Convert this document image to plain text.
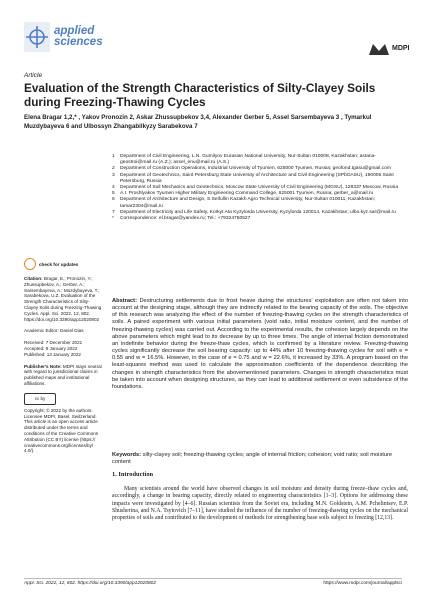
applied
sciences
MDPI
Article
Evaluation of the Strength Characteristics of Silty-Clayey Soils during Freezing-Thawing Cycles
Elena Bragar 1,2,* , Yakov Pronozin 2, Askar Zhussupbekov 3,4, Alexander Gerber 5, Assel Sarsembayeva 3 , Tymarkul Muzdybayeva 6 and Ulbossyn Zhangabilkyzy Sarabekova 7
1	Department of Civil Engineering, L.N. Gumilyov Eurasian National University, Nur-Sultan 010008, Kazakhstan; astana-geostroi@mail.ru (A.Z.); assel_enu@mail.ru (A.S.)
2	Department of Construction Operations, Industrial University of Tyumen, 625000 Tyumen, Russia; geofond.tgasu@gmail.com
3	Department of Geotechnics, Saint Petersburg State University of Architecture and Civil Engineering (SPbGASU), 190005 Saint Petersburg, Russia
4	Department of Soil Mechanics and Geotechnics, Moscow State University of Civil Engineering (MGSU), 129337 Moscow, Russia
5	A.I. Proshlyakov Tyumen Higher Military Engineering Command College, 625001 Tyumen, Russia; gerber_a@mail.ru
6	Department of Architecture and Design, S.Seifullin Kazakh Agro Technical University, Nur-Sultan 010011, Kazakhstan; tamar2304@mail.ru
7	Department of Electricity and Life Safety, Korkyt Ata Kyzylorda University, Kyzylorda 120014, Kazakhstan; ulbo.kyz.sar@mail.ru
*	Correspondence: el.bragar@yandex.ru; Tel.: +79324750527
check for updates
Citation: Bragar, E.; Pronozin, Y.; Zhussupbekov, A.; Gerber, A.; Sarsembayeva, A.; Muzdybayeva, T.; Sarabekova, U.Z. Evaluation of the Strength Characteristics of Silty-Clayey Soils during Freezing-Thawing Cycles. Appl. Sci. 2022, 12, 802. https://doi.org/10.3390/app12020802
Academic Editor: Daniel Dias
Received: 7 December 2021
Accepted: 9 January 2022
Published: 13 January 2022
Publisher's Note: MDPI stays neutral with regard to jurisdictional claims in published maps and institutional affiliations.
cc by
Copyright: © 2022 by the authors. Licensee MDPI, Basel, Switzerland. This article is an open access article distributed under the terms and conditions of the Creative Commons Attribution (CC BY) license (https:// creativecommons.org/licenses/by/ 4.0/).
Abstract: Destructuring settlements due to frost heave during the structures' exploitation are often not taken into account at the designing stage, although they are indirectly related to the bearing capacity of the soils. The objective of this research was analyzing the effect of the number of freezing-thawing cycles on the strength characteristics of soils. A paired experiment with various initial parameters (void ratio, initial moisture content, and the number of freezing-thawing cycles) was carried out. According to the experimental results, the cohesion largely depends on the above parameters which might lead to its decrease by up to three times. The angle of internal friction demonstrated an indefinite behavior during the freeze-thaw cycles, which is confirmed by a literature review. Freezing-thawing cycles significantly decrease the soil bearing capacity: up to 44% after 10 freezing-thawing cycles for soil with e = 0.55 and w = 16.5%. However, in the case of e = 0.75 and w = 22.6%, it increased by 33%. A program based on the least-squares method was used to calculate the approximation coefficients of the dependence describing the changes in strength characteristics from the abovementioned parameters. Changes in strength characteristics must be taken into account when designing structures, as they can lead to additional settlement or even subsidence of the foundations.
Keywords: silty-clayey soil; freezing-thawing cycles; angle of internal friction; cohesion; void ratio; soil moisture content
1. Introduction
Many scientists around the world have observed changes in soil moisture and density during freeze–thaw cycles and, accordingly, a change in bearing capacity, directly related to engineering characteristics [1–3]. Options for addressing these impacts were investigated by [4–6]. Russian scientists from the Soviet era, including M.N. Goldstein, A.M. Pchelintsev, E.P. Shusherina, and N.A. Tsytovich [7–11], have studied the influence of the number of freezing-thawing cycles on the mechanical properties of soils and contributed to the development of methods for strengthening base soils subject to freezing [12,13].
Appl. Sci. 2022, 12, 802. https://doi.org/10.3390/app12020802	https://www.mdpi.com/journal/applsci
